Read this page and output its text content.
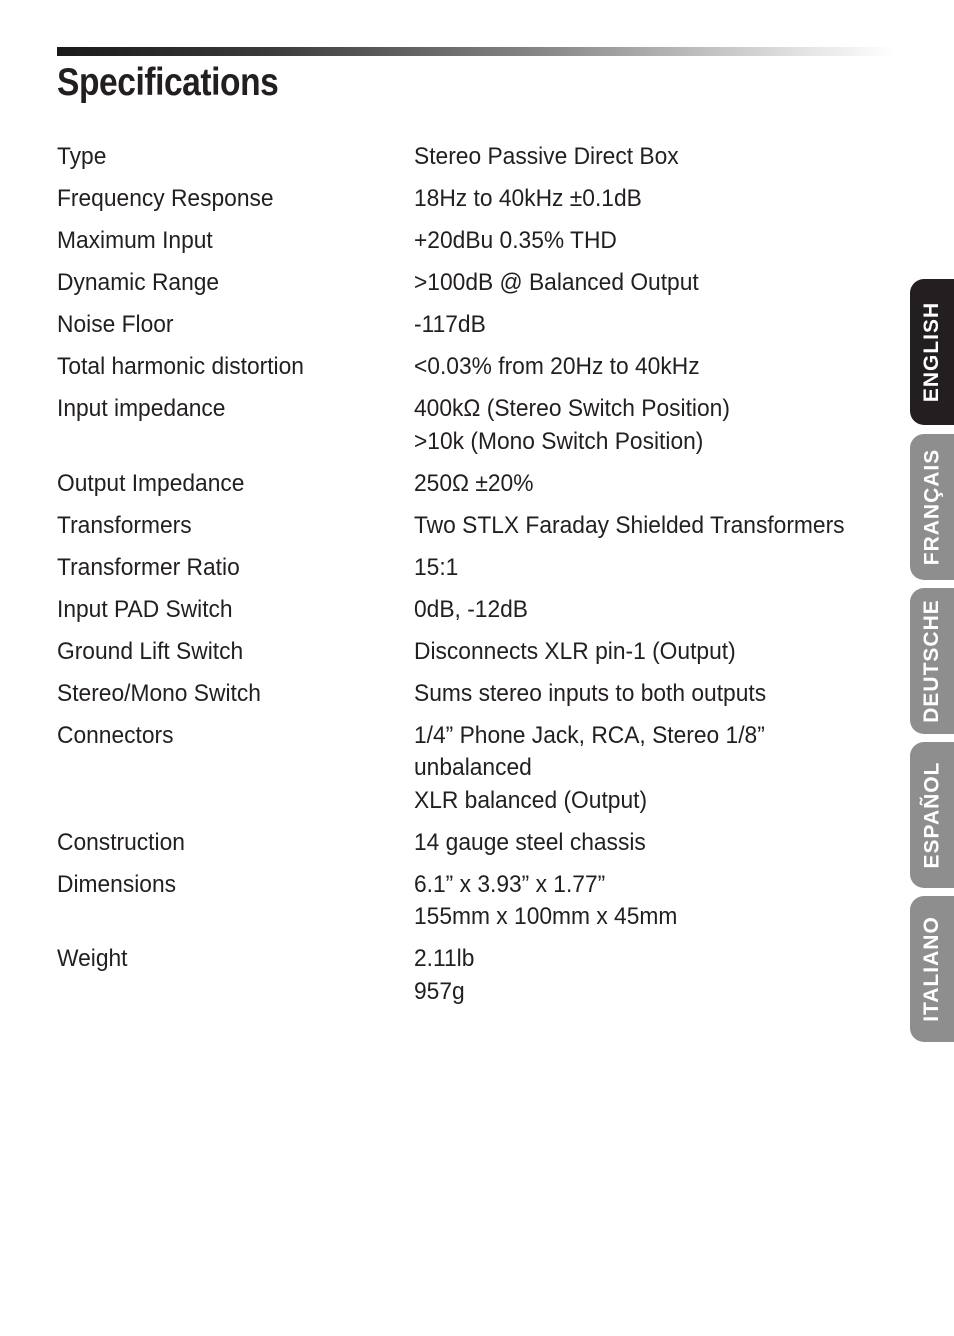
Specifications
Type	Stereo Passive Direct Box
Frequency Response	18Hz to 40kHz ±0.1dB
Maximum Input	+20dBu 0.35% THD
Dynamic Range	>100dB @ Balanced Output
Noise Floor	-117dB
Total harmonic distortion	<0.03% from 20Hz to 40kHz
Input impedance	400kΩ (Stereo Switch Position)
>10k (Mono Switch Position)
Output Impedance	250Ω ±20%
Transformers	Two STLX Faraday Shielded Transformers
Transformer Ratio	15:1
Input PAD Switch	0dB, -12dB
Ground Lift Switch	Disconnects XLR pin-1 (Output)
Stereo/Mono Switch	Sums stereo inputs to both outputs
Connectors	1/4” Phone Jack, RCA, Stereo 1/8”
unbalanced
XLR balanced (Output)
Construction	14 gauge steel chassis
Dimensions	6.1” x 3.93” x 1.77”
155mm x 100mm x 45mm
Weight	2.11lb
957g
ENGLISH
FRANÇAIS
DEUTSCHE
ESPAÑOL
ITALIANO
